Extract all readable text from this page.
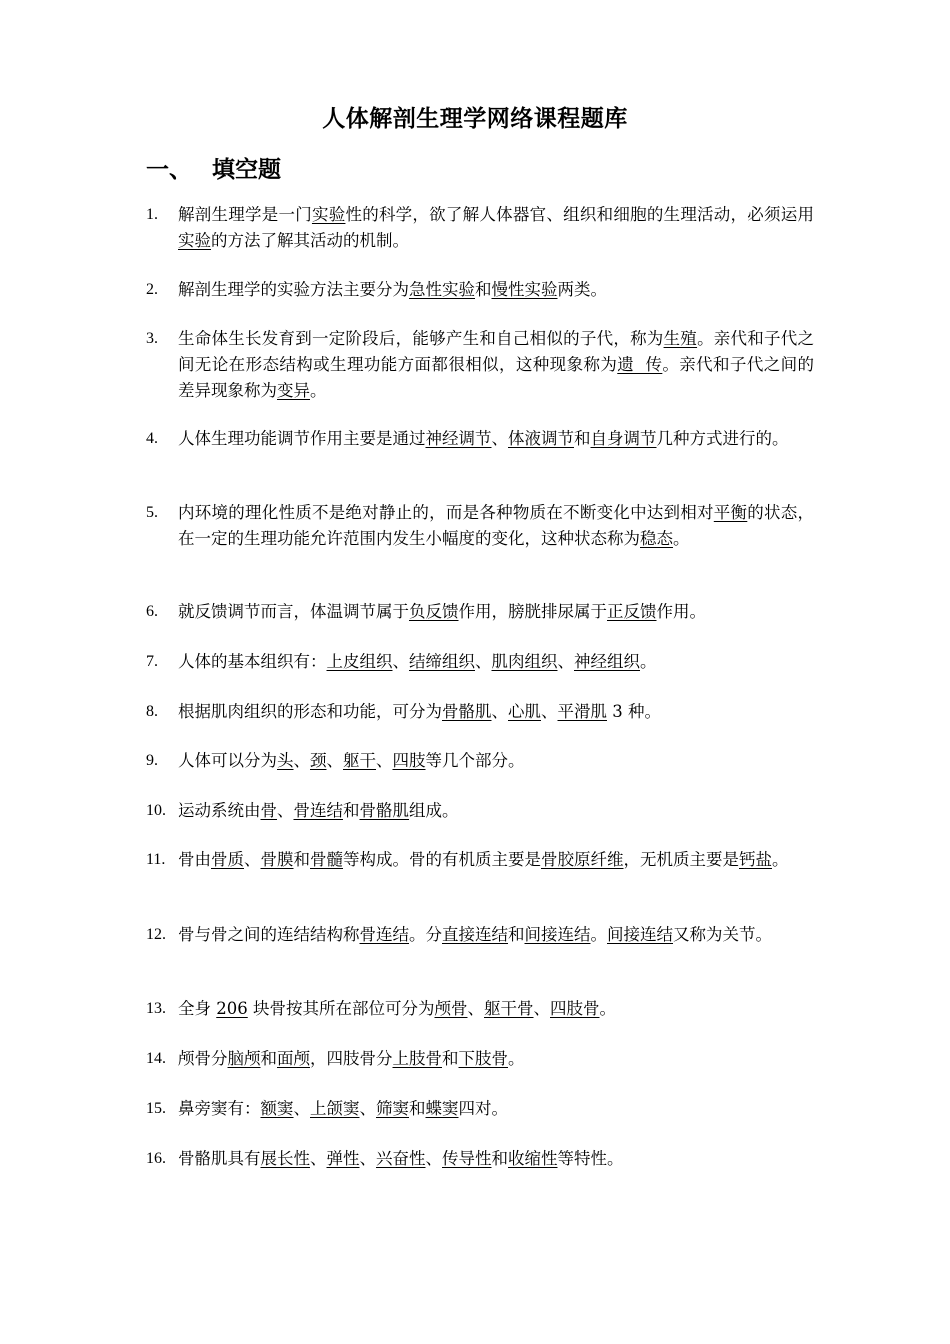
人体解剖生理学网络课程题库
一、 填空题
1. 解剖生理学是一门实验性的科学，欲了解人体器官、组织和细胞的生理活动，必须运用实验的方法了解其活动的机制。
2. 解剖生理学的实验方法主要分为急性实验和慢性实验两类。
3. 生命体生长发育到一定阶段后，能够产生和自己相似的子代，称为生殖。亲代和子代之间无论在形态结构或生理功能方面都很相似，这种现象称为遗  传。亲代和子代之间的差异现象称为变异。
4. 人体生理功能调节作用主要是通过神经调节、体液调节和自身调节几种方式进行的。
5. 内环境的理化性质不是绝对静止的，而是各种物质在不断变化中达到相对平衡的状态，在一定的生理功能允许范围内发生小幅度的变化，这种状态称为稳态。
6. 就反馈调节而言，体温调节属于负反馈作用，膀胱排尿属于正反馈作用。
7. 人体的基本组织有：上皮组织、结缔组织、肌肉组织、神经组织。
8. 根据肌肉组织的形态和功能，可分为骨骼肌、心肌、平滑肌 3 种。
9. 人体可以分为头、颈、躯干、四肢等几个部分。
10. 运动系统由骨、骨连结和骨骼肌组成。
11. 骨由骨质、骨膜和骨髓等构成。骨的有机质主要是骨胶原纤维，无机质主要是钙盐。
12. 骨与骨之间的连结结构称骨连结。分直接连结和间接连结。间接连结又称为关节。
13. 全身 206 块骨按其所在部位可分为颅骨、躯干骨、四肢骨。
14. 颅骨分脑颅和面颅，四肢骨分上肢骨和下肢骨。
15. 鼻旁窦有：额窦、上颌窦、筛窦和蝶窦四对。
16. 骨骼肌具有展长性、弹性、兴奋性、传导性和收缩性等特性。
